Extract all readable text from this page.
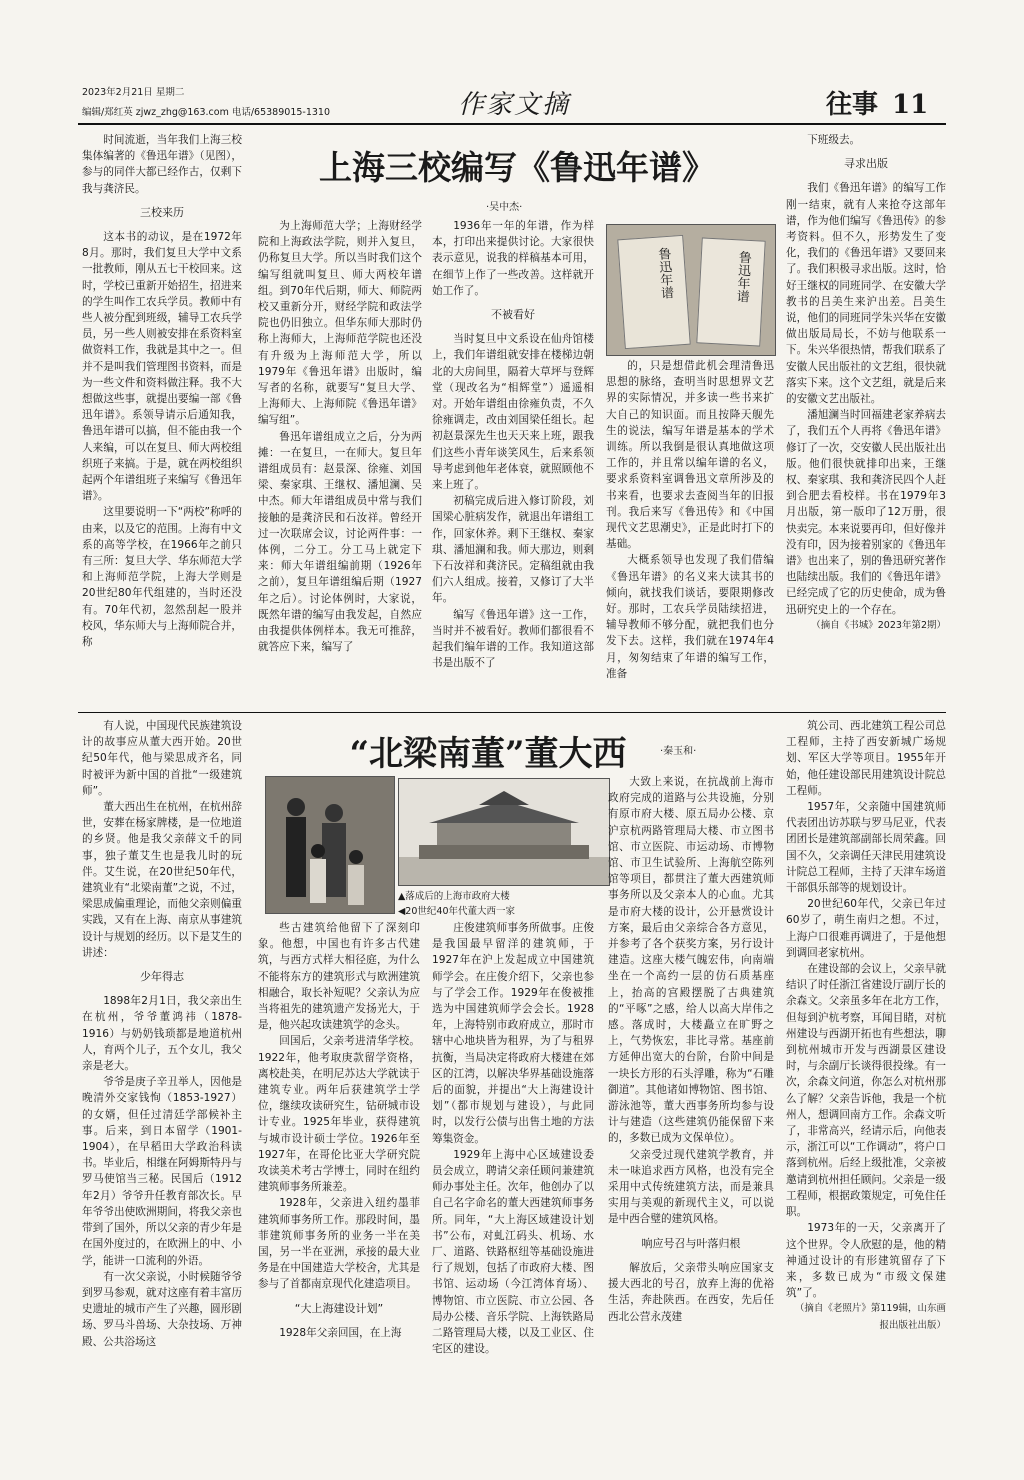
2023年2月21日 星期二
编辑/郑红英 zjwz_zhg@163.com 电话/65389015-1310	作家文摘	往事 11
上海三校编写《鲁迅年谱》
·吴中杰·

时间流逝，当年我们上海三校集体编著的《鲁迅年谱》（见图），参与的同伴大都已经作古，仅剩下我与龚济民。

三校来历

这本书的动议，是在1972年8月。那时，我们复旦大学中文系一批教师，刚从五七干校回来。这时，学校已重新开始招生，招进来的学生叫作工农兵学员。教师中有些人被分配到班级，辅导工农兵学员，另一些人则被安排在系资料室做资料工作，我就是其中之一。但并不是叫我们管理图书资料，而是为一些文件和资料做注释。我不大想做这些事，就提出要编一部《鲁迅年谱》。系领导请示后通知我，鲁迅年谱可以搞，但不能由我一个人来编，可以在复旦、师大两校组织班子来搞。于是，就在两校组织起两个年谱组班子来编写《鲁迅年谱》。

这里要说明一下“两校”称呼的由来，以及它的范围。上海有中文系的高等学校，在1966年之前只有三所：复旦大学、华东师范大学和上海师范学院，上海大学则是20世纪80年代组建的，当时还没有。70年代初，忽然刮起一股并校风，华东师大与上海师院合并，称

为上海师范大学；上海财经学院和上海政法学院，则并入复旦，仍称复旦大学。所以当时我们这个编写组就叫复旦、师大两校年谱组。到70年代后期，师大、师院两校又重新分开，财经学院和政法学院也仍旧独立。但华东师大那时仍称上海师大，上海师范学院也还没有升级为上海师范大学，所以1979年《鲁迅年谱》出版时，编写者的名称，就要写“复旦大学、上海师大、上海师院《鲁迅年谱》编写组”。

鲁迅年谱组成立之后，分为两摊：一在复旦，一在师大。复旦年谱组成员有：赵景深、徐雍、刘国梁、秦家琪、王继权、潘旭澜、吴中杰。师大年谱组成员中常与我们接触的是龚济民和石汝祥。曾经开过一次联席会议，讨论两件事：一体例，二分工。分工马上就定下来：师大年谱组编前期（1926年之前），复旦年谱组编后期（1927年之后）。讨论体例时，大家说，既然年谱的编写由我发起，自然应由我提供体例样本。我无可推辞，就答应下来，编写了

1936年一年的年谱，作为样本，打印出来提供讨论。大家很快表示意见，说我的样稿基本可用，在细节上作了一些改善。这样就开始工作了。

不被看好

当时复旦中文系设在仙舟馆楼上，我们年谱组就安排在楼梯边朝北的大房间里，隔着大草坪与登辉堂（现改名为“相辉堂”）遥遥相对。开始年谱组由徐雍负责，不久徐雍调走，改由刘国梁任组长。起初赵景深先生也天天来上班，跟我们这些小青年谈笑风生，后来系领导考虑到他年老体衰，就照顾他不来上班了。

初稿完成后进入修订阶段，刘国梁心脏病发作，就退出年谱组工作，回家休养。剩下王继权、秦家琪、潘旭澜和我。师大那边，则剩下石汝祥和龚济民。定稿组就由我们六人组成。接着，又修订了大半年。

编写《鲁迅年谱》这一工作，当时并不被看好。教师们都很看不起我们编年谱的工作。我知道这部书是出版不了

鲁迅年谱	鲁迅年谱

的，只是想借此机会理清鲁迅思想的脉络，查明当时思想界文艺界的实际情况，并多读一些书来扩大自己的知识面。而且按降天舰先生的说法，编写年谱是基本的学术训练。所以我倒是很认真地做这项工作的，并且常以编年谱的名义，要求系资料室调鲁迅文章所涉及的书来看，也要求去查阅当年的旧报刊。我后来写《鲁迅传》和《中国现代文艺思潮史》，正是此时打下的基础。

大概系领导也发现了我们借编《鲁迅年谱》的名义来大读其书的倾向，就找我们谈话，要限期修改好。那时，工农兵学员陆续招进，辅导教师不够分配，就把我们也分发下去。这样，我们就在1974年4月，匆匆结束了年谱的编写工作，准备

下班级去。

寻求出版

我们《鲁迅年谱》的编写工作刚一结束，就有人来抢夺这部年谱，作为他们编写《鲁迅传》的参考资料。但不久，形势发生了变化，我们的《鲁迅年谱》又要回来了。我们积极寻求出版。这时，恰好王继权的同班同学、在安徽大学教书的吕美生来沪出差。吕美生说，他们的同班同学朱兴华在安徽做出版局局长，不妨与他联系一下。朱兴华很热情，帮我们联系了安徽人民出版社的文艺组，很快就落实下来。这个文艺组，就是后来的安徽文艺出版社。

潘旭澜当时回福建老家养病去了，我们五个人再将《鲁迅年谱》修订了一次，交安徽人民出版社出版。他们很快就排印出来，王继权、秦家琪、我和龚济民四个人赶到合肥去看校样。书在1979年3月出版，第一版印了12万册，很快卖完。本来说要再印，但好像并没有印，因为接着别家的《鲁迅年谱》也出来了，别的鲁迅研究著作也陆续出版。我们的《鲁迅年谱》已经完成了它的历史使命，成为鲁迅研究史上的一个存在。

（摘自《书城》2023年第2期）

“北梁南董”董大西	·秦玉和·

有人说，中国现代民族建筑设计的故事应从董大西开始。20世纪50年代，他与梁思成齐名，同时被评为新中国的首批“一级建筑师”。

董大西出生在杭州，在杭州辞世，安葬在杨家牌楼，是一位地道的乡贤。他是我父亲薛文千的同事，独子董艾生也是我儿时的玩伴。艾生说，在20世纪50年代，建筑业有“北梁南董”之说，不过，梁思成偏重理论，而他父亲则偏重实践，又有在上海、南京从事建筑设计与规划的经历。以下是艾生的讲述：

少年得志

1898年2月1日，我父亲出生在杭州，爷爷董鸿祎（1878-1916）与奶奶钱琐都是地道杭州人，育两个儿子，五个女儿，我父亲是老大。

爷爷是庚子辛丑举人，因他是晚清外交家钱恂（1853-1927）的女婿，但任过清廷学部候补主事。后来，到日本留学（1901-1904），在早稻田大学政治科读书。毕业后，相继在阿姆斯特丹与罗马使馆当三秘。民国后（1912年2月）爷爷升任教育部次长。早年爷爷出使欧洲期间，将我父亲也带到了国外，所以父亲的青少年是在国外度过的，在欧洲上的中、小学，能讲一口流利的外语。

有一次父亲说，小时候随爷爷到罗马参观，就对这座有着丰富历史遗址的城市产生了兴趣，圆形剧场、罗马斗兽场、大杂技场、万神殿、公共浴场这

▲落成后的上海市政府大楼
◀20世纪40年代董大西一家

些古建筑给他留下了深刻印象。他想，中国也有许多古代建筑，与西方式样大相径庭，为什么不能将东方的建筑形式与欧洲建筑相融合，取长补短呢？父亲认为应当将祖先的建筑遗产发扬光大，于是，他兴起攻读建筑学的念头。

回国后，父亲考进清华学校。1922年，他考取庚款留学资格，离校赴美，在明尼苏达大学就读于建筑专业。两年后获建筑学士学位，继续攻读研究生，钻研城市设计专业。1925年毕业，获得建筑与城市设计硕士学位。1926年至1927年，在哥伦比亚大学研究院攻读美术考古学博士，同时在纽约建筑师事务所兼差。

1928年，父亲进入纽约墨菲建筑师事务所工作。那段时间，墨菲建筑师事务所的业务一半在美国，另一半在亚洲，承接的最大业务是在中国建造大学校舍，尤其是参与了首都南京现代化建造项目。

“大上海建设计划”

1928年父亲回国，在上海

庄俊建筑师事务所做事。庄俊是我国最早留洋的建筑师，于1927年在沪上发起成立中国建筑师学会。在庄俊介绍下，父亲也参与了学会工作。1929年在俊被推选为中国建筑师学会会长。1928年，上海特别市政府成立，那时市辖中心地块皆为租界，为了与租界抗衡，当局决定将政府大楼建在郊区的江湾，以解决华界基础设施落后的面貌，并提出“大上海建设计划”（都市规划与建设），与此同时，以发行公债与出售土地的方法筹集资金。

1929年上海中心区域建设委员会成立，聘请父亲任顾问兼建筑师办事处主任。次年，他创办了以自己名字命名的董大西建筑师事务所。同年，“大上海区域建设计划书”公布，对虬江码头、机场、水厂、道路、铁路枢纽等基础设施进行了规划，包括了市政府大楼、图书馆、运动场（今江湾体育场）、博物馆、市立医院、市立公园、各局办公楼、音乐学院、上海铁路局二路管理局大楼，以及工业区、住宅区的建设。

大致上来说，在抗战前上海市政府完成的道路与公共设施，分别有原市府大楼、原五局办公楼、京沪京杭两路管理局大楼、市立图书馆、市立医院、市运动场、市博物馆、市卫生试验所、上海航空陈列馆等项目，都贯注了董大西建筑师事务所以及父亲本人的心血。尤其是市府大楼的设计，公开悬赏设计方案，最后由父亲综合各方意见，并参考了各个获奖方案，另行设计建造。这座大楼气魄宏伟，向南端坐在一个高约一层的仿石质基座上，抬高的宫殿摆脱了古典建筑的“平啄”之感，给人以高大岸伟之感。落成时，大楼矗立在旷野之上，气势恢宏，非比寻常。基座前方延伸出宽大的台阶，台阶中间是一块长方形的石头浮雕，称为“石雕御道”。其他诸如博物馆、图书馆、游泳池等，董大西事务所均参与设计与建造（这些建筑仍能保留下来的，多数已成为文保单位）。

父亲受过现代建筑学教育，并未一味追求西方风格，也没有完全采用中式传统建筑方法，而是兼具实用与美观的新现代主义，可以说是中西合璧的建筑风格。

响应号召与叶落归根

解放后，父亲带头响应国家支援大西北的号召，放弃上海的优裕生活，奔赴陕西。在西安，先后任西北公营永茂建

筑公司、西北建筑工程公司总工程师，主持了西安新城广场规划、军区大学等项目。1955年开始，他任建设部民用建筑设计院总工程师。

1957年，父亲随中国建筑师代表团出访苏联与罗马尼亚，代表团团长是建筑部副部长周荣鑫。回国不久，父亲调任天津民用建筑设计院总工程师，主持了天津车场道干部俱乐部等的规划设计。

20世纪60年代，父亲已年过60岁了，萌生南归之想。不过，上海户口很难再调进了，于是他想到调回老家杭州。

在建设部的会议上，父亲早就结识了时任浙江省建设厅副厅长的余森文。父亲虽多年在北方工作，但每到沪杭考察，耳闻目睹，对杭州建设与西湖开拓也有些想法，聊到杭州城市开发与西湖景区建设时，与余副厅长谈得很投缘。有一次，余森文问道，你怎么对杭州那么了解？父亲告诉他，我是一个杭州人，想调回南方工作。余森文听了，非常高兴，经请示后，向他表示，浙江可以“工作调动”，将户口落到杭州。后经上级批准，父亲被邀请到杭州担任顾问。父亲是一级工程师，根据政策规定，可免住任职。

1973年的一天，父亲离开了这个世界。令人欣慰的是，他的精神通过设计的有形建筑留存了下来，多数已成为“市级文保建筑”了。

（摘自《老照片》第119辑，山东画报出版社出版）
